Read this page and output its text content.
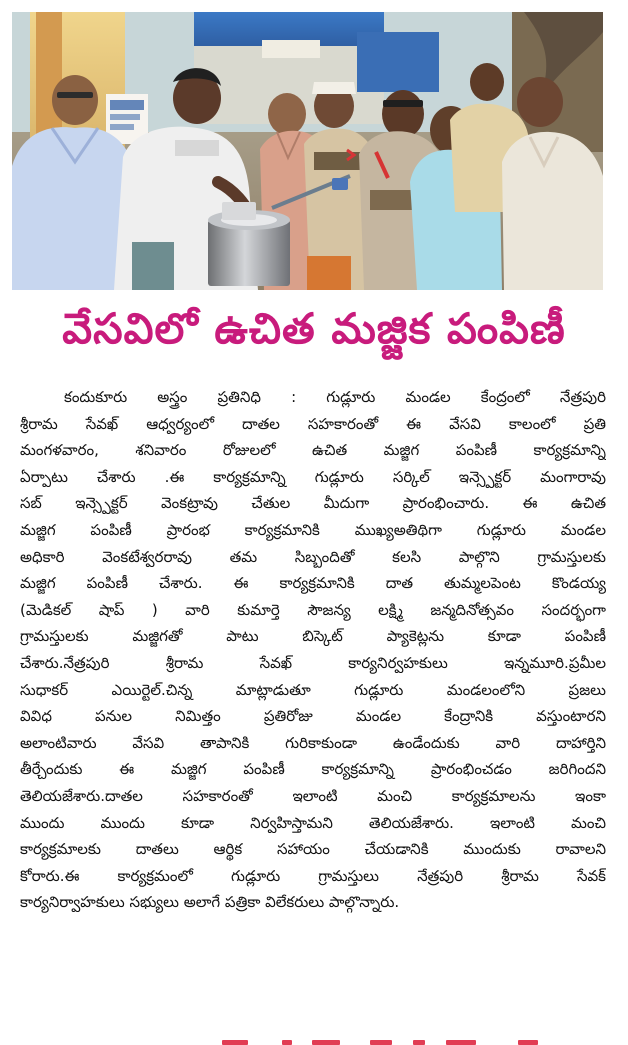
వేసవిలో ఉచిత మజ్జిక పంపిణీ
కందుకూరు అస్త్రం ప్రతినిధి : గుడ్లూరు మండల కేంద్రంలో నేత్రపురి
శ్రీరామ సేవఖ్ ఆధ్వర్యంలో దాతల సహకారంతో ఈ వేసవి కాలంలో ప్రతి
మంగళవారం, శనివారం రోజులలో ఉచిత మజ్జిగ పంపిణీ కార్యక్రమాన్ని
ఏర్పాటు చేశారు .ఈ కార్యక్రమాన్ని గుడ్లూరు సర్కిల్ ఇన్స్పెక్టర్ మంగారావు
సబ్ ఇన్స్పెక్టర్ వెంకట్రావు చేతుల మీదుగా ప్రారంభించారు. ఈ ఉచిత
మజ్జిగ పంపిణీ ప్రారంభ కార్యక్రమానికి ముఖ్యఅతిథిగా గుడ్లూరు మండల
అధికారి వెంకటేశ్వరరావు తమ సిబ్బందితో కలసి పాల్గొని గ్రామస్తులకు
మజ్జిగ పంపిణీ చేశారు. ఈ కార్యక్రమానికి దాత తుమ్మలపెంట కొండయ్య
(మెడికల్ షాప్ ) వారి కుమార్తె సౌజన్య లక్ష్మి జన్మదినోత్సవం సందర్భంగా
గ్రామస్తులకు మజ్జిగతో పాటు బిస్కెట్ ప్యాకెట్లను కూడా పంపిణీ
చేశారు.నేత్రపురి శ్రీరామ సేవఖ్ కార్యనిర్వహకులు ఇన్నమూరి.ప్రమీల
సుధాకర్ ఎయిర్టెల్.చిన్న మాట్లాడుతూ గుడ్లూరు మండలంలోని ప్రజలు
వివిధ పనుల నిమిత్తం ప్రతిరోజు మండల కేంద్రానికి వస్తుంటారని
అలాంటివారు వేసవి తాపానికి గురికాకుండా ఉండేందుకు వారి దాహార్తిని
తీర్చేందుకు ఈ మజ్జిగ పంపిణీ కార్యక్రమాన్ని ప్రారంభించడం జరిగిందని
తెలియజేశారు.దాతల సహకారంతో ఇలాంటి మంచి కార్యక్రమాలను ఇంకా
ముందు ముందు కూడా నిర్వహిస్తామని తెలియజేశారు. ఇలాంటి మంచి
కార్యక్రమాలకు దాతలు ఆర్థిక సహాయం చేయడానికి ముందుకు రావాలని
కోరారు.ఈ కార్యక్రమంలో గుడ్లూరు గ్రామస్తులు నేత్రపురి శ్రీరామ సేవక్
కార్యనిర్వాహకులు సభ్యులు అలాగే పత్రికా విలేకరులు పాల్గొన్నారు.
